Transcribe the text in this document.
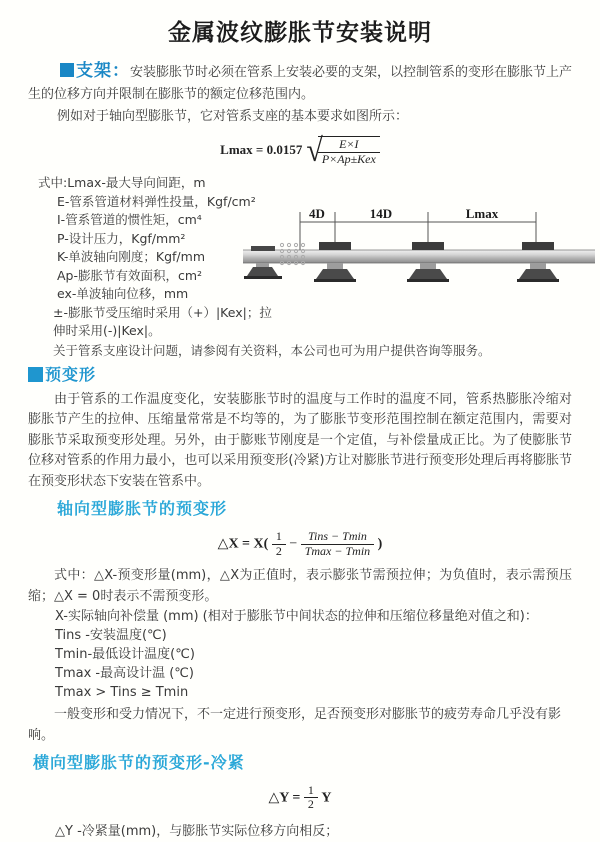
金属波纹膨胀节安装说明

支架：安装膨胀节时必须在管系上安装必要的支架，以控制管系的变形在膨胀节上产生的位移方向并限制在膨胀节的额定位移范围内。

例如对于轴向型膨胀节，它对管系支座的基本要求如图所示：

Lmax = 0.0157 √
$\frac{E\times I}{\text{P×Ap±Kex}}$
式中:Lmax-最大导向间距，m
E-管系管道材料弹性投量，Kgf/cm²
I-管系管道的惯性矩，cm⁴
P-设计压力，Kgf/mm²
K-单波轴向刚度；Kgf/mm
Ap-膨胀节有效面积，cm²
ex-单波轴向位移，mm
±-膨胀节受压缩时采用（+）|Kex|；拉伸时采用(-)|Kex|。
关于管系支座设计问题，请参阅有关资料，本公司也可为用户提供咨询等服务。

预变形

由于管系的工作温度变化，安装膨胀节时的温度与工作时的温度不同，管系热膨胀冷缩对膨胀节产生的拉伸、压缩量常常是不均等的，为了膨胀节变形范围控制在额定范围内，需要对膨胀节采取预变形处理。另外，由于膨账节刚度是一个定值，与补偿量成正比。为了使膨胀节位移对管系的作用力最小，也可以采用预变形(冷紧)方让对膨胀节进行预变形处理后再将膨胀节在预变形状态下安装在管系中。

轴向型膨胀节的预变形

△X = $X( \frac{1}{2} - \frac{\text{Tins − Tmin}}{Tmax - Tmin}$ )

式中：△X-预变形量(mm)，△X为正值时，表示膨张节需预拉伸；为负值时，表示需预压缩；△X = 0时表示不需预变形。

X-实际轴向补偿量 (mm) (相对于膨胀节中间状态的拉伸和压缩位移量绝对值之和)：

Tins -安装温度(℃)

Tmin-最低设计温度(℃)

Tmax -最高设计温 (℃)

Tmax > Tins ≥ Tmin

一般变形和受力情况下，不一定进行预变形，足否预变形对膨胀节的疲劳寿命几乎没有影响。

横向型膨胀节的预变形-冷紧

△Y = $\frac{1}{2}$ Y

△Y -冷紧量(mm)，与膨胀节实际位移方向相反；

4D	14D	Lmax
